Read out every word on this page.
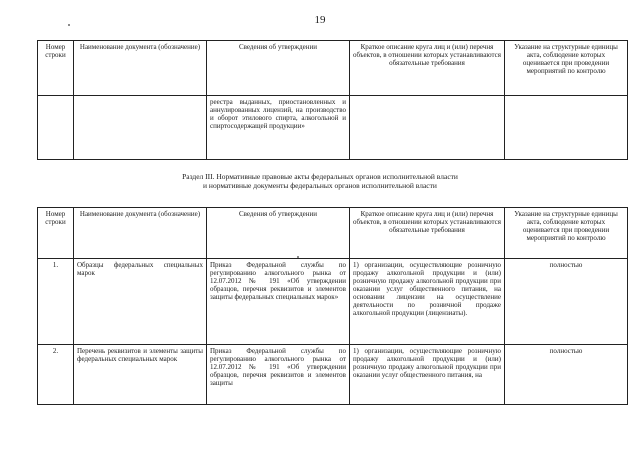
19
Номер строки	Наименование документа (обозначение)	Сведения об утверждении	Краткое описание круга лиц и (или) перечня объектов, в отношении которых устанавливаются обязательные требования	Указание на структурные единицы акта, соблюдение которых оценивается при проведении мероприятий по контролю
		реестра выданных, приостановленных и аннулированных лицензий, на производство и оборот этилового спирта, алкогольной и спиртосодержащей продукции»		
Раздел III. Нормативные правовые акты федеральных органов исполнительной власти
и нормативные документы федеральных органов исполнительной власти
Номер строки	Наименование документа (обозначение)	Сведения об утверждении	Краткое описание круга лиц и (или) перечня объектов, в отношении которых устанавливаются обязательные требования	Указание на структурные единицы акта, соблюдение которых оценивается при проведении мероприятий по контролю
1.	Образцы федеральных специальных марок	Приказ Федеральной службы по регулированию алкогольного рынка от 12.07.2012 № 191 «Об утверждении образцов, перечня реквизитов и элементов защиты федеральных специальных марок»	1) организации, осуществляющие розничную продажу алкогольной продукции и (или) розничную продажу алкогольной продукции при оказании услуг общественного питания, на основании лицензии на осуществление деятельности по розничной продаже алкогольной продукции (лицензиаты).	полностью
2.	Перечень реквизитов и элементы защиты федеральных специальных марок	Приказ Федеральной службы по регулированию алкогольного рынка от 12.07.2012 № 191 «Об утверждении образцов, перечня реквизитов и элементов защиты	1) организации, осуществляющие розничную продажу алкогольной продукции и (или) розничную продажу алкогольной продукции при оказании услуг общественного питания, на	полностью
